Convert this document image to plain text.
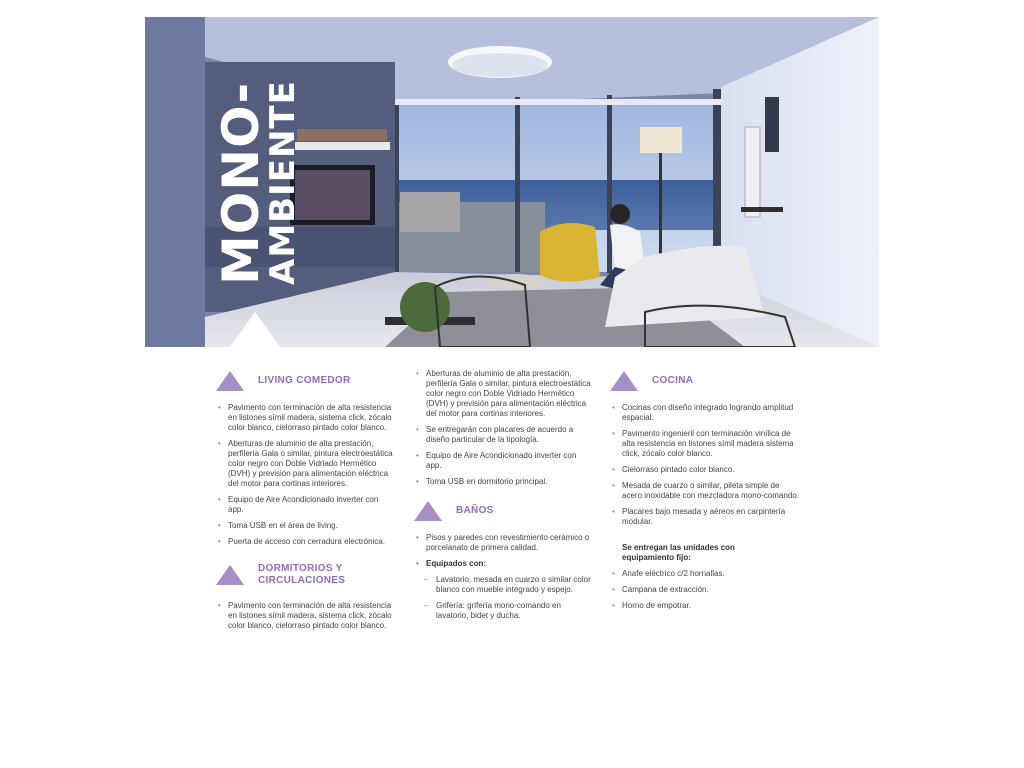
MONO-
AMBIENTE
LIVING COMEDOR
• Pavimento con terminación de alta resistencia en listones símil madera, sistema click, zócalo color blanco, cielorraso pintado color blanco.
• Aberturas de aluminio de alta prestación, perfilería Gala o similar, pintura electroestática color negro con Doble Vidriado Hermético (DVH) y previsión para alimentación eléctrica del motor para cortinas interiores.
• Equipo de Aire Acondicionado inverter con app.
• Toma USB en el área de living.
• Puerta de acceso con cerradura electrónica.
DORMITORIOS Y
CIRCULACIONES
• Pavimento con terminación de alta resistencia en listones símil madera, sistema click, zócalo color blanco, cielorraso pintado color blanco.
• Aberturas de aluminio de alta prestación, perfilería Gala o similar, pintura electroestática color negro con Doble Vidriado Hermético (DVH) y previsión para alimentación eléctrica del motor para cortinas interiores.
• Se entregarán con placares de acuerdo a diseño particular de la tipología.
• Equipo de Aire Acondicionado inverter con app.
• Toma USB en dormitorio principal.
BAÑOS
• Pisos y paredes con revestimiento cerámico o porcelanato de primera calidad.
• Equipados con:
– Lavatorio, mesada en cuarzo o similar color blanco con mueble integrado y espejo.
– Grifería: grifería mono-comando en lavatorio, bidet y ducha.
COCINA
• Cocinas con diseño integrado logrando amplitud espacial.
• Pavimento ingenieril con terminación vinílica de alta resistencia en listones símil madera sistema click, zócalo color blanco.
• Cielorraso pintado color blanco.
• Mesada de cuarzo o similar, pileta simple de acero inoxidable con mezcladora mono-comando.
• Placares bajo mesada y aéreos en carpintería modular.
Se entregan las unidades con equipamiento fijo:
• Anafe eléctrico c/2 hornallas.
• Campana de extracción.
• Horno de empotrar.
